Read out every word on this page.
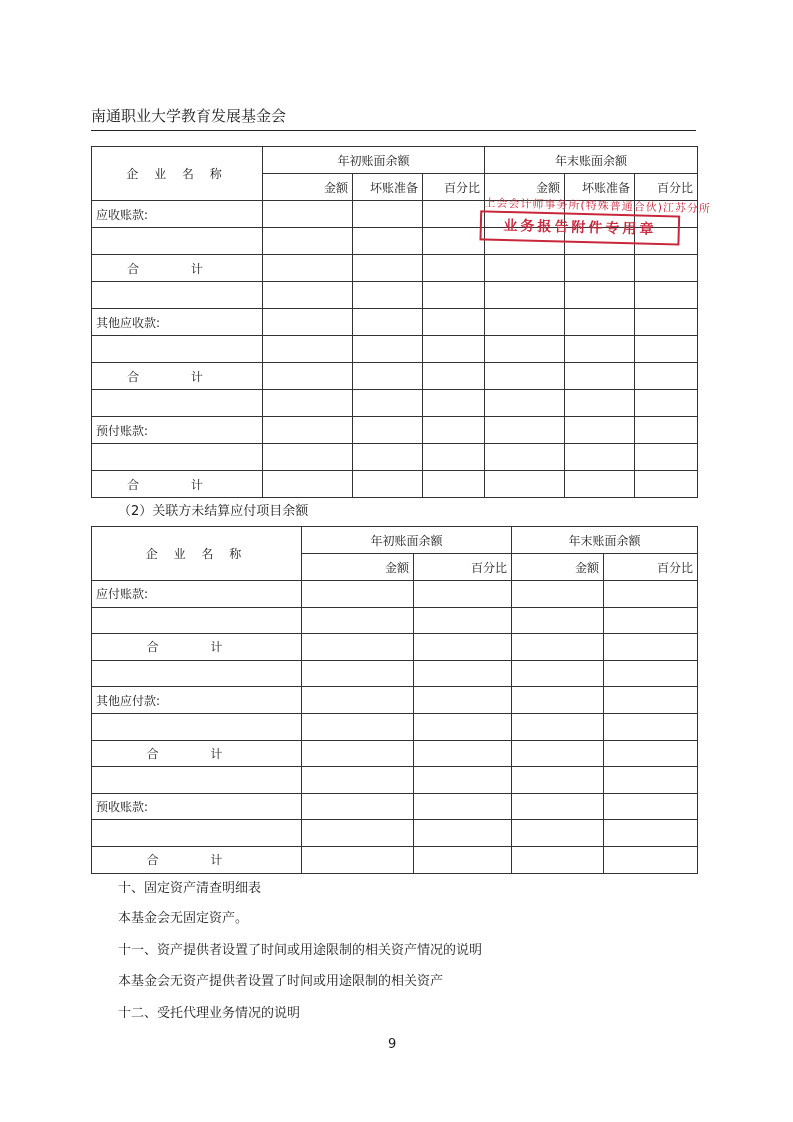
南通职业大学教育发展基金会
企 业 名 称	年初账面余额			年末账面余额		
	金额	坏账准备	百分比	金额	坏账准备	百分比
应收账款:						

合 计						

其他应收款:						

合 计						

预付账款:						

合 计						
上会会计师事务所(特殊普通合伙)江苏分所
业务报告附件专用章
（2）关联方未结算应付项目余额
企 业 名 称	年初账面余额		年末账面余额	
	金额	百分比	金额	百分比
应付账款:				

合 计				

其他应付款:				

合 计				

预收账款:				

合 计				
十、固定资产清查明细表
本基金会无固定资产。
十一、资产提供者设置了时间或用途限制的相关资产情况的说明
本基金会无资产提供者设置了时间或用途限制的相关资产
十二、受托代理业务情况的说明
9
